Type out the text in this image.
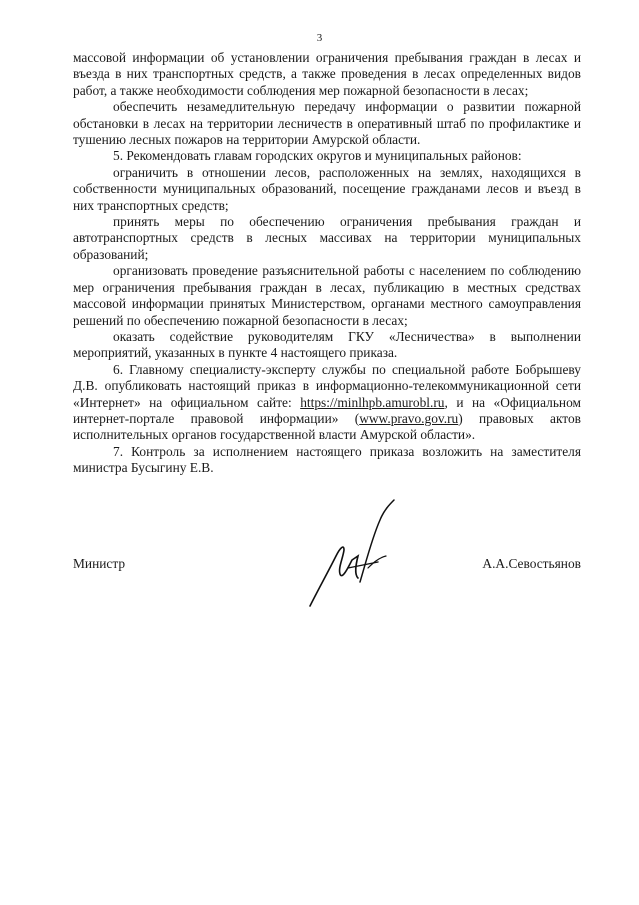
3

массовой информации об установлении ограничения пребывания граждан в лесах и въезда в них транспортных средств, а также проведения в лесах определенных видов работ, а также необходимости соблюдения мер пожарной безопасности в лесах;

обеспечить незамедлительную передачу информации о развитии пожарной обстановки в лесах на территории лесничеств в оперативный штаб по профилактике и тушению лесных пожаров на территории Амурской области.

5. Рекомендовать главам городских округов и муниципальных районов:

ограничить в отношении лесов, расположенных на землях, находящихся в собственности муниципальных образований, посещение гражданами лесов и въезд в них транспортных средств;

принять меры по обеспечению ограничения пребывания граждан и автотранспортных средств в лесных массивах на территории муниципальных образований;

организовать проведение разъяснительной работы с населением по соблюдению мер ограничения пребывания граждан в лесах, публикацию в местных средствах массовой информации принятых Министерством, органами местного самоуправления решений по обеспечению пожарной безопасности в лесах;

оказать содействие руководителям ГКУ «Лесничества» в выполнении мероприятий, указанных в пункте 4 настоящего приказа.

6. Главному специалисту-эксперту службы по специальной работе Бобрышеву Д.В. опубликовать настоящий приказ в информационно-телекоммуникационной сети «Интернет» на официальном сайте: https://minlhpb.amurobl.ru, и на «Официальном интернет-портале правовой информации» (www.pravo.gov.ru) правовых актов исполнительных органов государственной власти Амурской области».

7. Контроль за исполнением настоящего приказа возложить на заместителя министра Бусыгину Е.В.

Министр	А.А.Севостьянов
